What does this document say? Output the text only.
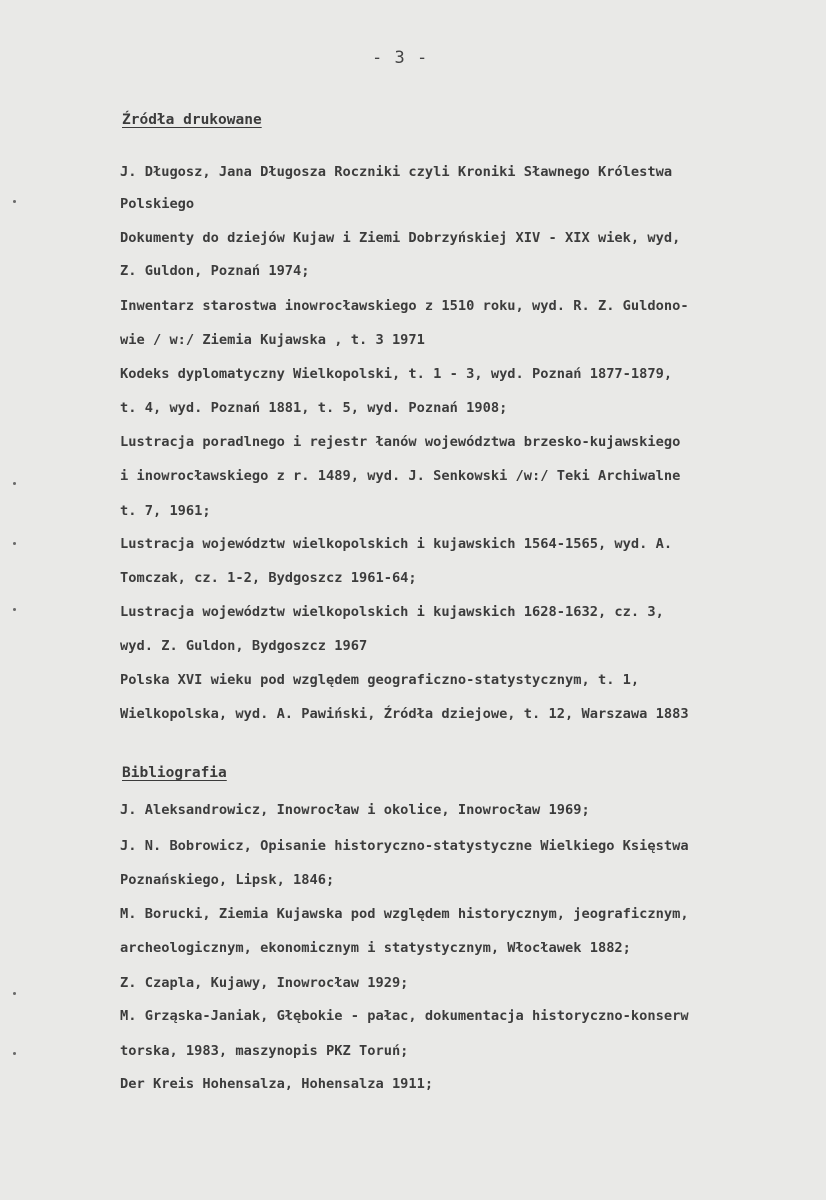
- 3 -
Źródła drukowane
J. Długosz, Jana Długosza Roczniki czyli Kroniki Sławnego Królestwa
Polskiego
Dokumenty do dziejów Kujaw i Ziemi Dobrzyńskiej XIV - XIX wiek, wyd,
Z. Guldon, Poznań 1974;
Inwentarz starostwa inowrocławskiego z 1510 roku, wyd. R. Z. Guldono-
wie / w:/ Ziemia Kujawska , t. 3 1971
Kodeks dyplomatyczny Wielkopolski, t. 1 - 3, wyd. Poznań 1877-1879,
t. 4, wyd. Poznań 1881, t. 5, wyd. Poznań 1908;
Lustracja poradlnego i rejestr łanów województwa brzesko-kujawskiego
i inowrocławskiego z r. 1489, wyd. J. Senkowski /w:/ Teki Archiwalne
t. 7, 1961;
Lustracja województw wielkopolskich i kujawskich 1564-1565, wyd. A.
Tomczak, cz. 1-2, Bydgoszcz 1961-64;
Lustracja województw wielkopolskich i kujawskich 1628-1632, cz. 3,
wyd. Z. Guldon, Bydgoszcz 1967
Polska XVI wieku pod względem geograficzno-statystycznym, t. 1,
Wielkopolska, wyd. A. Pawiński, Źródła dziejowe, t. 12, Warszawa 1883
Bibliografia
J. Aleksandrowicz, Inowrocław i okolice, Inowrocław 1969;
J. N. Bobrowicz, Opisanie historyczno-statystyczne Wielkiego Księstwa
Poznańskiego, Lipsk, 1846;
M. Borucki, Ziemia Kujawska pod względem historycznym, jeograficznym,
archeologicznym, ekonomicznym i statystycznym, Włocławek 1882;
Z. Czapla, Kujawy, Inowrocław 1929;
M. Grząska-Janiak, Głębokie - pałac, dokumentacja historyczno-konserw
torska, 1983, maszynopis PKZ Toruń;
Der Kreis Hohensalza, Hohensalza 1911;
